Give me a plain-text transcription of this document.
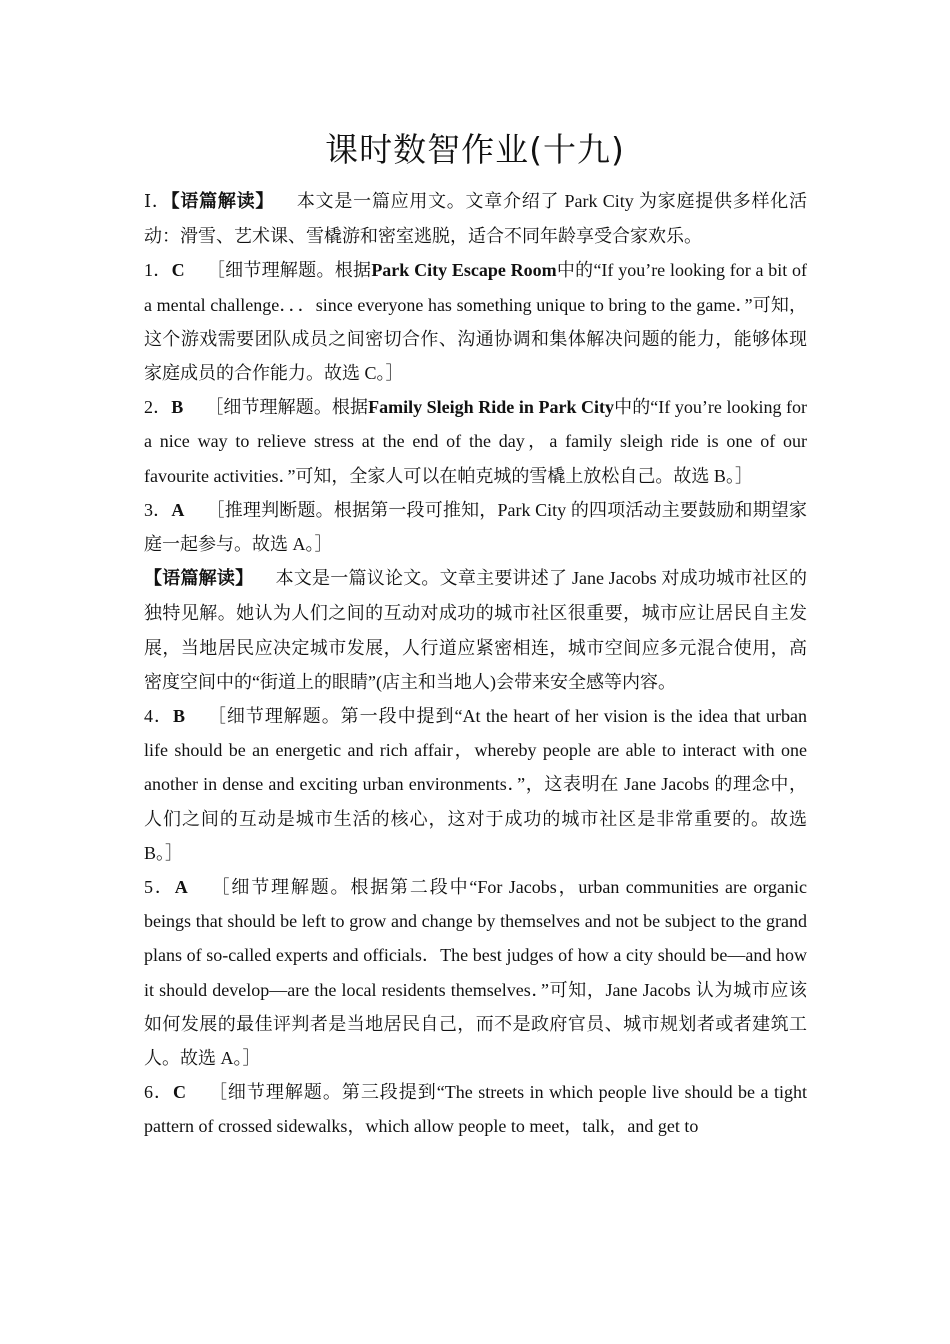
课时数智作业(十九)

Ⅰ．【语篇解读】 本文是一篇应用文。文章介绍了 Park City 为家庭提供多样化活动：滑雪、艺术课、雪橇游和密室逃脱，适合不同年龄享受合家欢乐。

1．C ［细节理解题。根据Park City Escape Room中的“If you’re looking for a bit of a mental challenge．．．since everyone has something unique to bring to the game．”可知，这个游戏需要团队成员之间密切合作、沟通协调和集体解决问题的能力，能够体现家庭成员的合作能力。故选 C。］

2．B ［细节理解题。根据Family Sleigh Ride in Park City中的“If you’re looking for a nice way to relieve stress at the end of the day，a family sleigh ride is one of our favourite activities．”可知，全家人可以在帕克城的雪橇上放松自己。故选 B。］

3．A ［推理判断题。根据第一段可推知，Park City 的四项活动主要鼓励和期望家庭一起参与。故选 A。］

【语篇解读】 本文是一篇议论文。文章主要讲述了 Jane Jacobs 对成功城市社区的独特见解。她认为人们之间的互动对成功的城市社区很重要，城市应让居民自主发展，当地居民应决定城市发展，人行道应紧密相连，城市空间应多元混合使用，高密度空间中的“街道上的眼睛”(店主和当地人)会带来安全感等内容。

4．B ［细节理解题。第一段中提到“At the heart of her vision is the idea that urban life should be an energetic and rich affair，whereby people are able to interact with one another in dense and exciting urban environments．”，这表明在 Jane Jacobs 的理念中，人们之间的互动是城市生活的核心，这对于成功的城市社区是非常重要的。故选 B。］

5．A ［细节理解题。根据第二段中“For Jacobs，urban communities are organic beings that should be left to grow and change by themselves and not be subject to the grand plans of so-called experts and officials．The best judges of how a city should be—and how it should develop—are the local residents themselves．”可知，Jane Jacobs 认为城市应该如何发展的最佳评判者是当地居民自己，而不是政府官员、城市规划者或者建筑工人。故选 A。］

6．C ［细节理解题。第三段提到“The streets in which people live should be a tight pattern of crossed sidewalks，which allow people to meet，talk，and get to
